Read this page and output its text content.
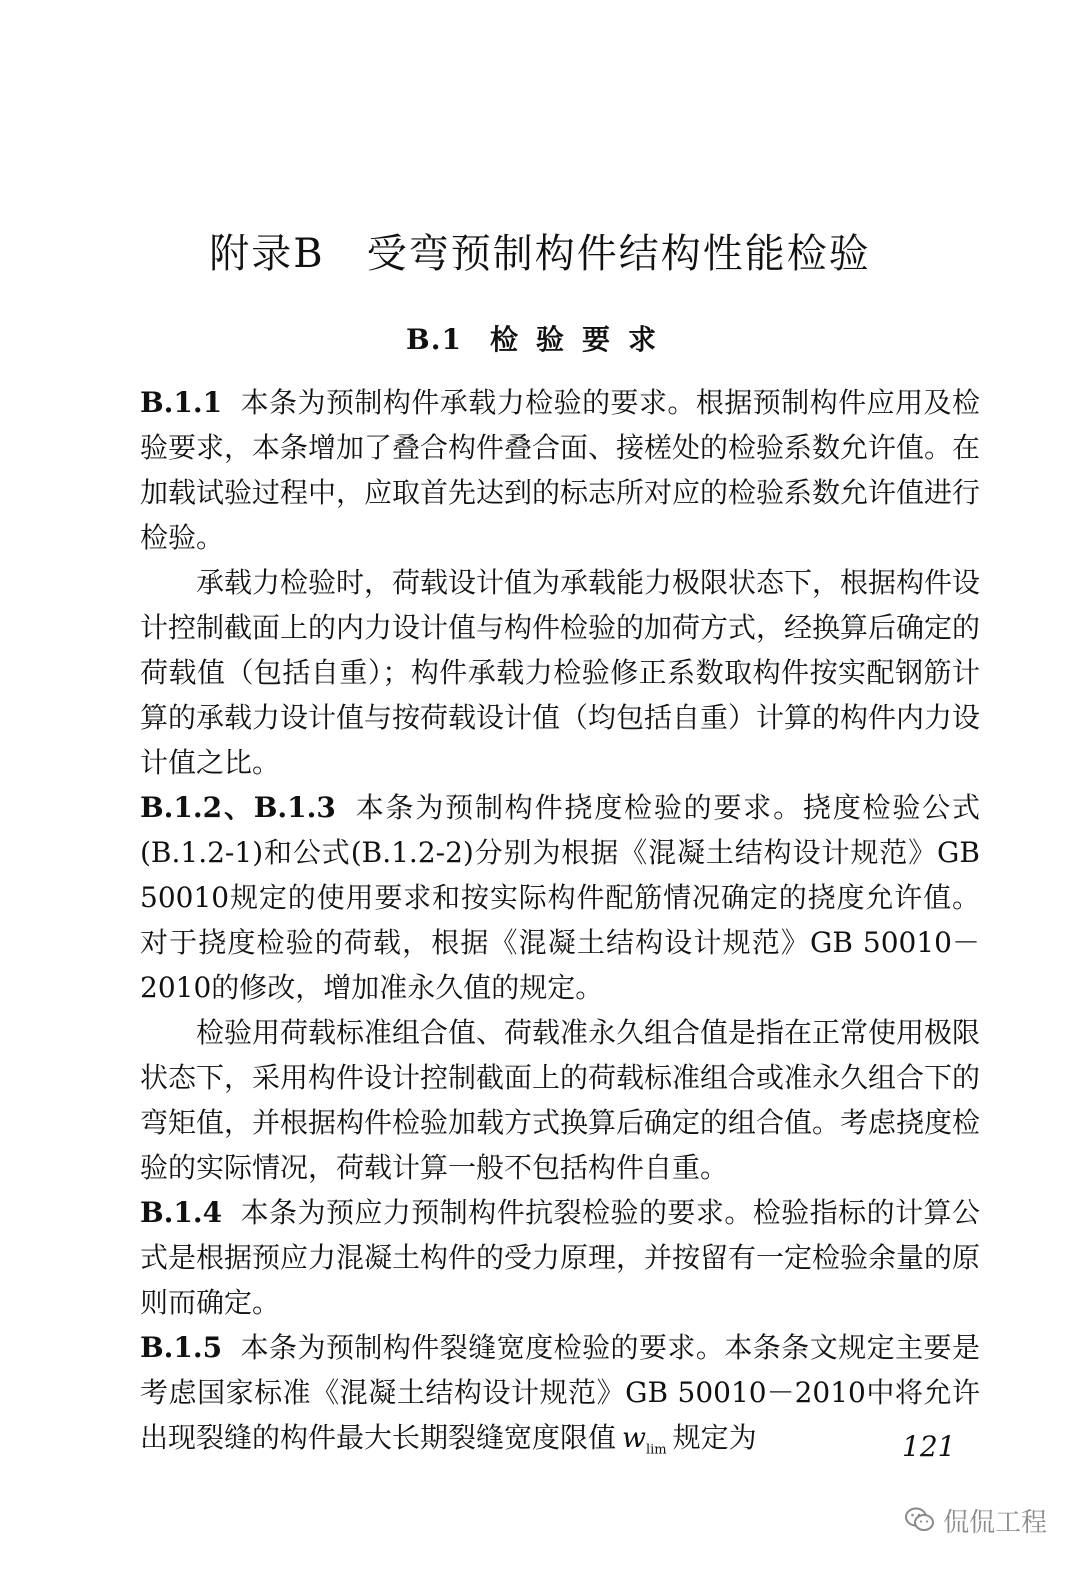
附录B　受弯预制构件结构性能检验
B.1 检验要求

B.1.1 本条为预制构件承载力检验的要求。根据预制构件应用及检验要求，本条增加了叠合构件叠合面、接槎处的检验系数允许值。在加载试验过程中，应取首先达到的标志所对应的检验系数允许值进行检验。

承载力检验时，荷载设计值为承载能力极限状态下，根据构件设计控制截面上的内力设计值与构件检验的加荷方式，经换算后确定的荷载值（包括自重）；构件承载力检验修正系数取构件按实配钢筋计算的承载力设计值与按荷载设计值（均包括自重）计算的构件内力设计值之比。

B.1.2、B.1.3 本条为预制构件挠度检验的要求。挠度检验公式(B.1.2-1)和公式(B.1.2-2)分别为根据《混凝土结构设计规范》GB 50010规定的使用要求和按实际构件配筋情况确定的挠度允许值。对于挠度检验的荷载，根据《混凝土结构设计规范》GB 50010－2010的修改，增加准永久值的规定。

检验用荷载标准组合值、荷载准永久组合值是指在正常使用极限状态下，采用构件设计控制截面上的荷载标准组合或准永久组合下的弯矩值，并根据构件检验加载方式换算后确定的组合值。考虑挠度检验的实际情况，荷载计算一般不包括构件自重。

B.1.4 本条为预应力预制构件抗裂检验的要求。检验指标的计算公式是根据预应力混凝土构件的受力原理，并按留有一定检验余量的原则而确定。

B.1.5 本条为预制构件裂缝宽度检验的要求。本条条文规定主要是考虑国家标准《混凝土结构设计规范》GB 50010－2010中将允许出现裂缝的构件最大长期裂缝宽度限值 $w_{lim}$ 规定为	121

侃侃工程
